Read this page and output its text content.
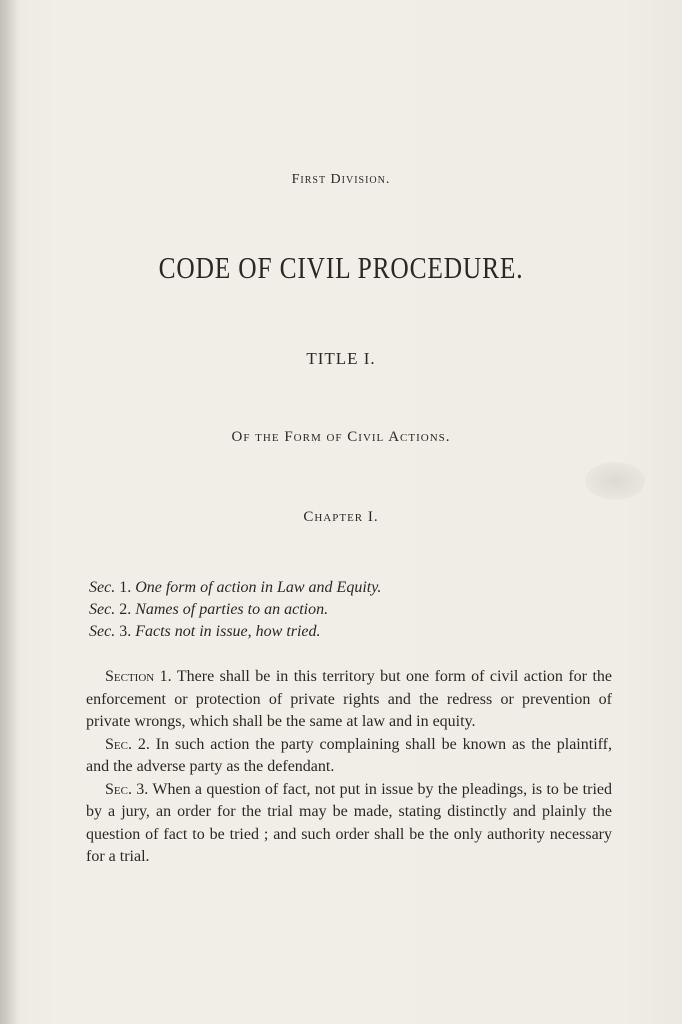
First Division.
CODE OF CIVIL PROCEDURE.
TITLE I.
Of the Form of Civil Actions.
Chapter I.
Sec. 1. One form of action in Law and Equity.
Sec. 2. Names of parties to an action.
Sec. 3. Facts not in issue, how tried.

Section 1. There shall be in this territory but one form of civil action for the enforcement or protection of private rights and the redress or prevention of private wrongs, which shall be the same at law and in equity.

Sec. 2. In such action the party complaining shall be known as the plaintiff, and the adverse party as the defendant.

Sec. 3. When a question of fact, not put in issue by the pleadings, is to be tried by a jury, an order for the trial may be made, stating distinctly and plainly the question of fact to be tried ; and such order shall be the only authority necessary for a trial.
